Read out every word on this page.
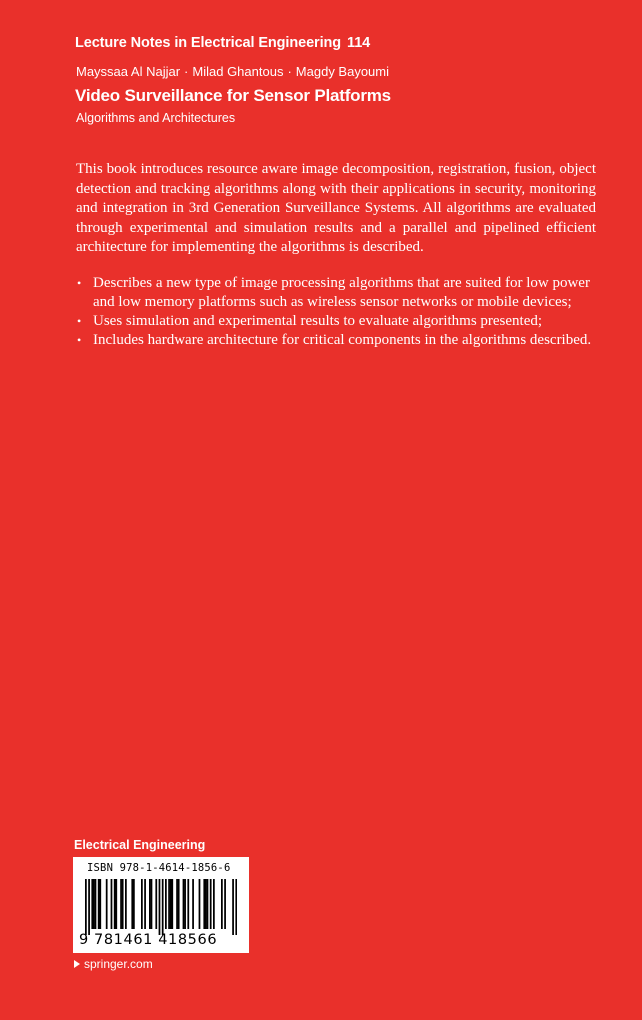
Lecture Notes in Electrical Engineering 114
Mayssaa Al Najjar · Milad Ghantous · Magdy Bayoumi
Video Surveillance for Sensor Platforms
Algorithms and Architectures

This book introduces resource aware image decomposition, registration, fusion, object detection and tracking algorithms along with their applications in security, monitoring and integration in 3rd Generation Surveillance Systems. All algorithms are evaluated through experimental and simulation results and a parallel and pipelined efficient architecture for implementing the algorithms is described.

• Describes a new type of image processing algorithms that are suited for low power and low memory platforms such as wireless sensor networks or mobile devices;
• Uses simulation and experimental results to evaluate algorithms presented;
• Includes hardware architecture for critical components in the algorithms described.
Electrical Engineering
ISBN 978-1-4614-1856-6
9 781461 418566
springer.com
